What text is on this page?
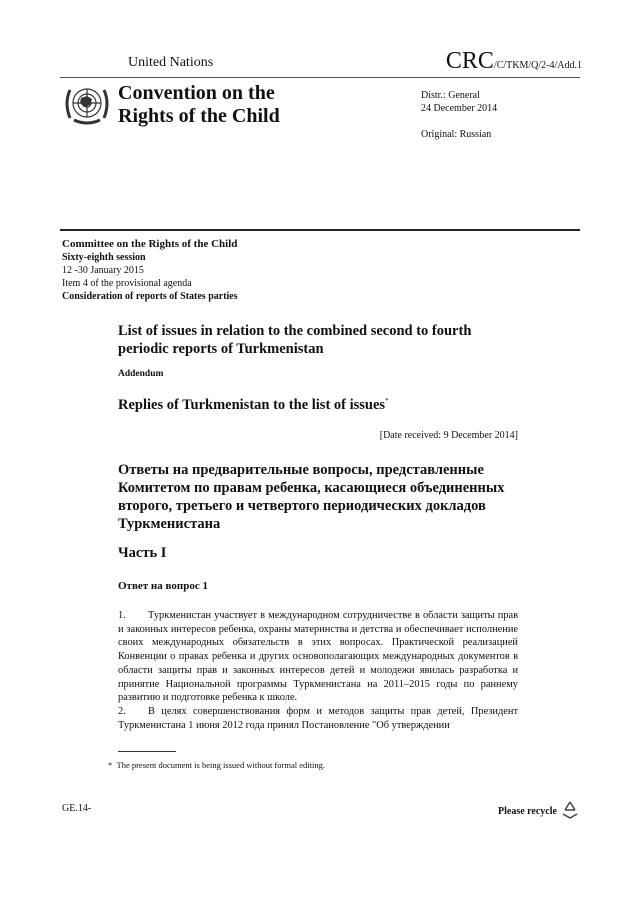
United Nations	CRC/C/TKM/Q/2-4/Add.1
Convention on the
Rights of the Child
Distr.: General
24 December 2014
Original: Russian
Committee on the Rights of the Child
Sixty-eighth session
12 -30 January 2015
Item 4 of the provisional agenda
Consideration of reports of States parties
List of issues in relation to the combined second to fourth periodic reports of Turkmenistan
Addendum
Replies of Turkmenistan to the list of issues*
[Date received: 9 December 2014]
Ответы на предварительные вопросы, представленные Комитетом по правам ребенка, касающиеся объединенных второго, третьего и четвертого периодических докладов Туркменистана
Часть I
Ответ на вопрос 1
1. Туркменистан участвует в международном сотрудничестве в области защиты прав и законных интересов ребенка, охраны материнства и детства и обеспечивает исполнение своих международных обязательств в этих вопросах. Практической реализацией Конвенции о правах ребенка и других основополагающих международных документов в области защиты прав и законных интересов детей и молодежи явилась разработка и принятие Национальной программы Туркменистана на 2011–2015 годы по раннему развитию и подготовке ребенка к школе.
2. В целях совершенствования форм и методов защиты прав детей, Президент Туркменистана 1 июня 2012 года принял Постановление "Об утверждении
* The present document is being issued without formal editing.
GE.14-	Please recycle
